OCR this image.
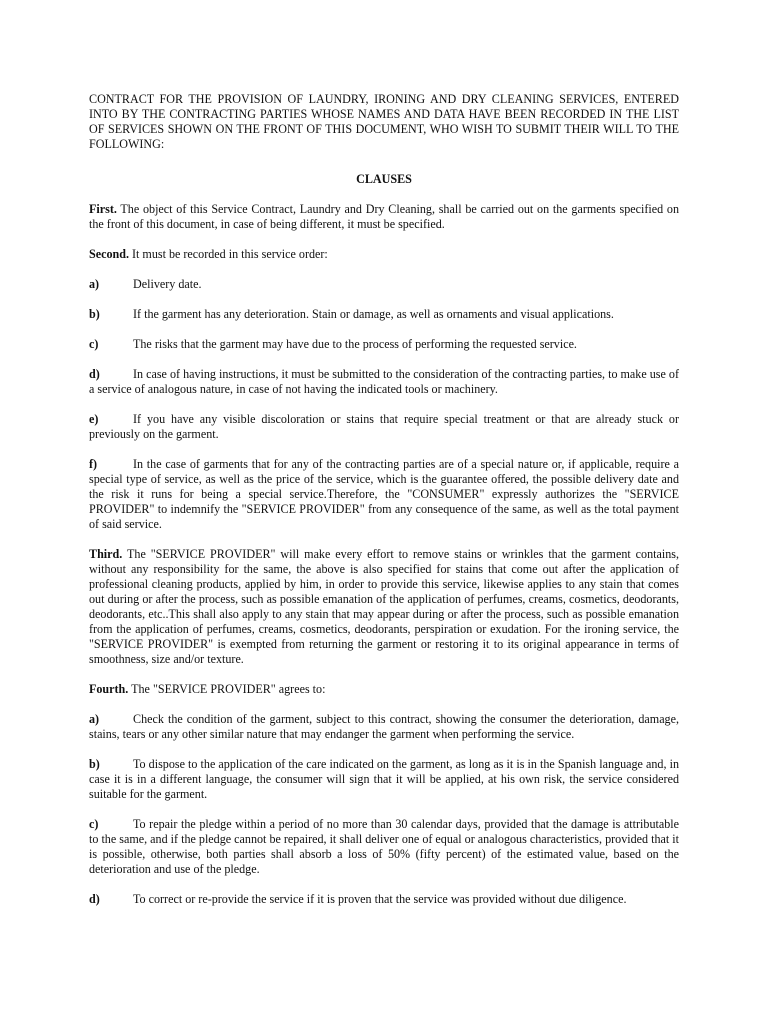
CONTRACT FOR THE PROVISION OF LAUNDRY, IRONING AND DRY CLEANING SERVICES, ENTERED INTO BY THE CONTRACTING PARTIES WHOSE NAMES AND DATA HAVE BEEN RECORDED IN THE LIST OF SERVICES SHOWN ON THE FRONT OF THIS DOCUMENT, WHO WISH TO SUBMIT THEIR WILL TO THE FOLLOWING:

CLAUSES

First. The object of this Service Contract, Laundry and Dry Cleaning, shall be carried out on the garments specified on the front of this document, in case of being different, it must be specified.

Second. It must be recorded in this service order:

a)	Delivery date.

b)	If the garment has any deterioration. Stain or damage, as well as ornaments and visual applications.

c)	The risks that the garment may have due to the process of performing the requested service.

d)	In case of having instructions, it must be submitted to the consideration of the contracting parties, to make use of a service of analogous nature, in case of not having the indicated tools or machinery.

e)	If you have any visible discoloration or stains that require special treatment or that are already stuck or previously on the garment.

f)	In the case of garments that for any of the contracting parties are of a special nature or, if applicable, require a special type of service, as well as the price of the service, which is the guarantee offered, the possible delivery date and the risk it runs for being a special service.Therefore, the "CONSUMER" expressly authorizes the "SERVICE PROVIDER" to indemnify the "SERVICE PROVIDER" from any consequence of the same, as well as the total payment of said service.

Third. The "SERVICE PROVIDER" will make every effort to remove stains or wrinkles that the garment contains, without any responsibility for the same, the above is also specified for stains that come out after the application of professional cleaning products, applied by him, in order to provide this service, likewise applies to any stain that comes out during or after the process, such as possible emanation of the application of perfumes, creams, cosmetics, deodorants, deodorants, etc..This shall also apply to any stain that may appear during or after the process, such as possible emanation from the application of perfumes, creams, cosmetics, deodorants, perspiration or exudation. For the ironing service, the "SERVICE PROVIDER" is exempted from returning the garment or restoring it to its original appearance in terms of smoothness, size and/or texture.

Fourth. The "SERVICE PROVIDER" agrees to:

a)	Check the condition of the garment, subject to this contract, showing the consumer the deterioration, damage, stains, tears or any other similar nature that may endanger the garment when performing the service.

b)	To dispose to the application of the care indicated on the garment, as long as it is in the Spanish language and, in case it is in a different language, the consumer will sign that it will be applied, at his own risk, the service considered suitable for the garment.

c)	To repair the pledge within a period of no more than 30 calendar days, provided that the damage is attributable to the same, and if the pledge cannot be repaired, it shall deliver one of equal or analogous characteristics, provided that it is possible, otherwise, both parties shall absorb a loss of 50% (fifty percent) of the estimated value, based on the deterioration and use of the pledge.

d)	To correct or re-provide the service if it is proven that the service was provided without due diligence.
